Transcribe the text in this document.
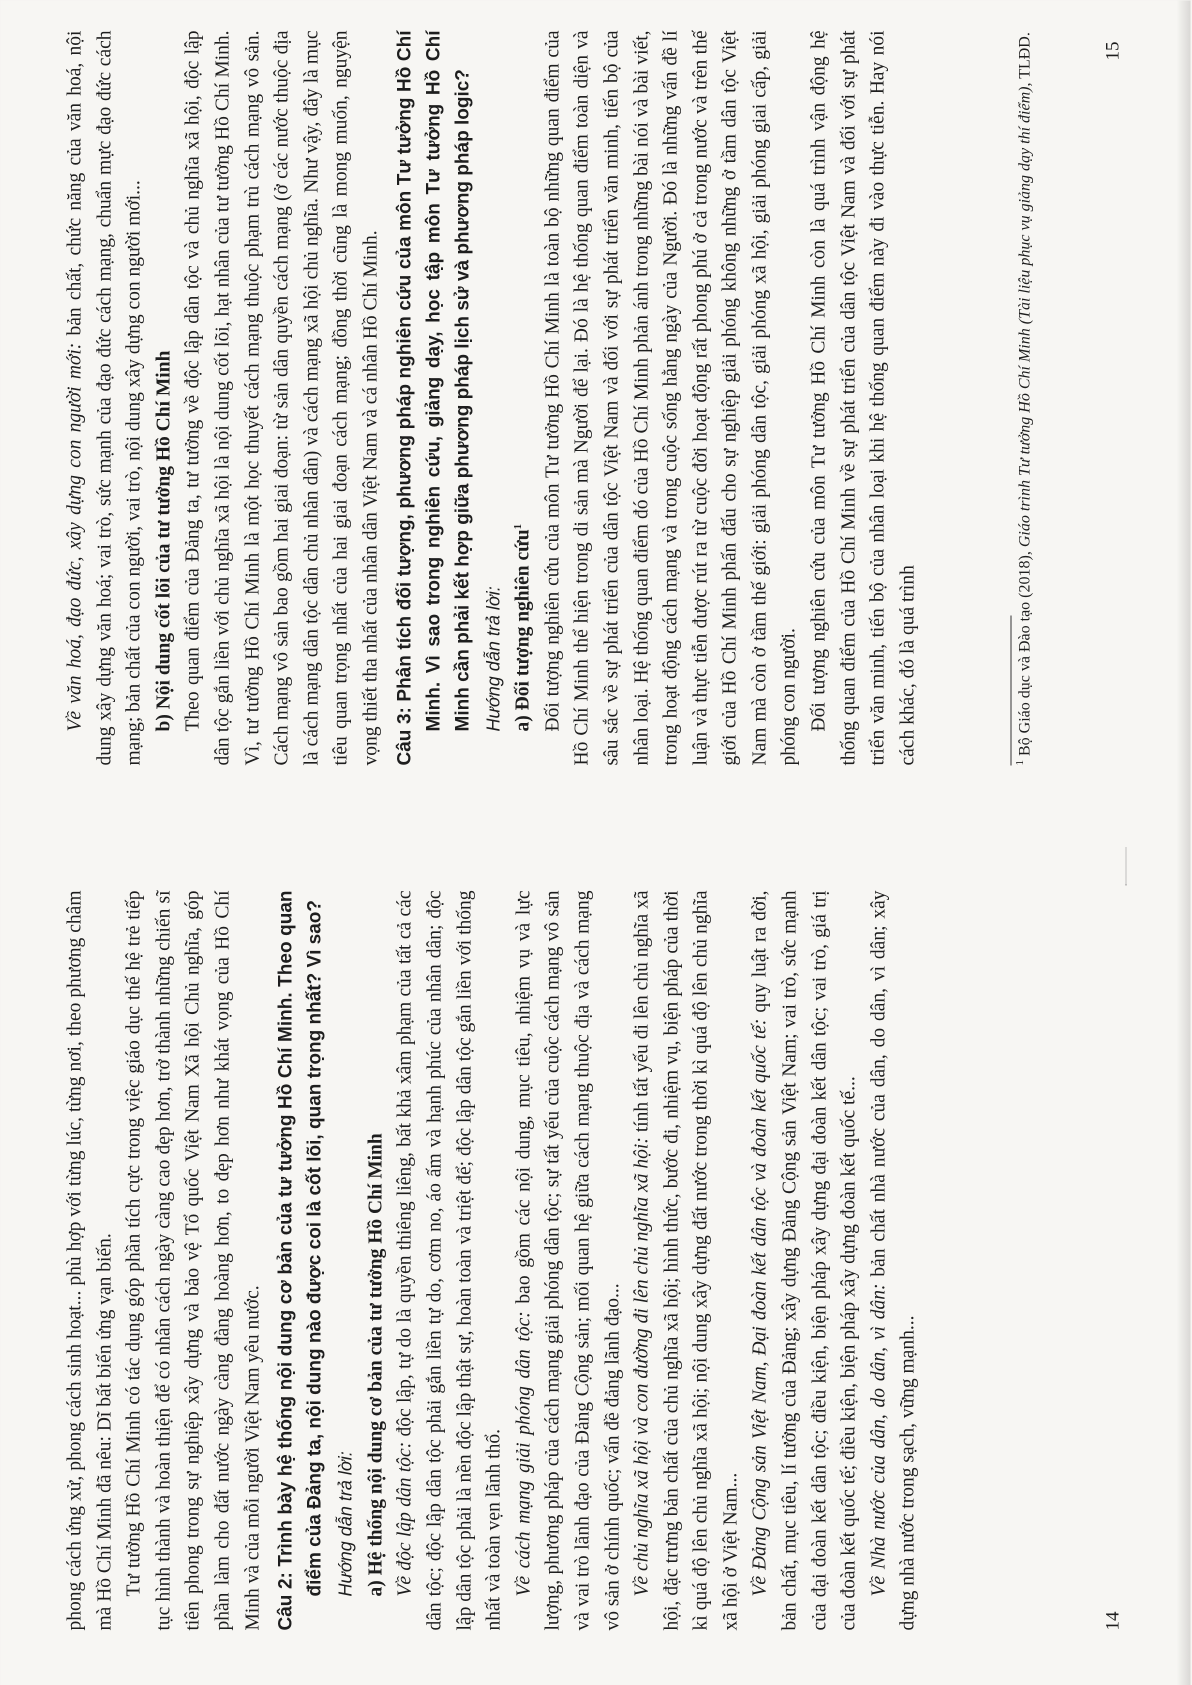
phong cách ứng xử, phong cách sinh hoạt... phù hợp với từng lúc, từng nơi, theo phương châm mà Hồ Chí Minh đã nêu: Dĩ bất biến ứng vạn biến. Tư tưởng Hồ Chí Minh có tác dụng góp phần tích cực trong việc giáo dục thế hệ trẻ tiếp tục hình thành và hoàn thiện để có nhân cách ngày càng cao đẹp hơn, trở thành những chiến sĩ tiên phong trong sự nghiệp xây dựng và bảo vệ Tổ quốc Việt Nam Xã hội Chủ nghĩa, góp phần làm cho đất nước ngày càng đàng hoàng hơn, to đẹp hơn như khát vọng của Hồ Chí Minh và của mỗi người Việt Nam yêu nước. Câu 2: Trình bày hệ thống nội dung cơ bản của tư tưởng Hồ Chí Minh. Theo quan điểm của Đảng ta, nội dung nào được coi là cốt lõi, quan trọng nhất? Vì sao? Hướng dẫn trả lời: a) Hệ thống nội dung cơ bản của tư tưởng Hồ Chí Minh Về độc lập dân tộc: độc lập, tự do là quyền thiêng liêng, bất khả xâm phạm của tất cả các dân tộc; độc lập dân tộc phải gắn liền tự do, cơm no, áo ấm và hạnh phúc của nhân dân; độc lập dân tộc phải là nền độc lập thật sự, hoàn toàn và triệt để; độc lập dân tộc gắn liền với thống nhất và toàn vẹn lãnh thổ. Về cách mạng giải phóng dân tộc: bao gồm các nội dung, mục tiêu, nhiệm vụ và lực lượng, phương pháp của cách mạng giải phóng dân tộc; sự tất yếu của cuộc cách mạng vô sản và vai trò lãnh đạo của Đảng Cộng sản; mối quan hệ giữa cách mạng thuộc địa và cách mạng vô sản ở chính quốc; vấn đề đảng lãnh đạo... Về chủ nghĩa xã hội và con đường đi lên chủ nghĩa xã hội: tính tất yếu đi lên chủ nghĩa xã hội, đặc trưng bản chất của chủ nghĩa xã hội; hình thức, bước đi, nhiệm vụ, biện pháp của thời kì quá độ lên chủ nghĩa xã hội; nội dung xây dựng đất nước trong thời kì quá độ lên chủ nghĩa xã hội ở Việt Nam... Về Đảng Cộng sản Việt Nam, Đại đoàn kết dân tộc và đoàn kết quốc tế: quy luật ra đời, bản chất, mục tiêu, lí tưởng của Đảng; xây dựng Đảng Cộng sản Việt Nam; vai trò, sức mạnh của đại đoàn kết dân tộc; điều kiện, biện pháp xây dựng đại đoàn kết dân tộc; vai trò, giá trị của đoàn kết quốc tế; điều kiện, biện pháp xây dựng đoàn kết quốc tế... Về Nhà nước của dân, do dân, vì dân: bản chất nhà nước của dân, do dân, vì dân; xây dựng nhà nước trong sạch, vững mạnh...	14

Về văn hoá, đạo đức, xây dựng con người mới: bản chất, chức năng của văn hoá, nội dung xây dựng văn hoá; vai trò, sức mạnh của đạo đức cách mạng, chuẩn mực đạo đức cách mạng; bản chất của con người, vai trò, nội dung xây dựng con người mới... b) Nội dung cốt lõi của tư tưởng Hồ Chí Minh Theo quan điểm của Đảng ta, tư tưởng về độc lập dân tộc và chủ nghĩa xã hội, độc lập dân tộc gắn liền với chủ nghĩa xã hội là nội dung cốt lõi, hạt nhân của tư tưởng Hồ Chí Minh. Vì, tư tưởng Hồ Chí Minh là một học thuyết cách mạng thuộc phạm trù cách mạng vô sản. Cách mạng vô sản bao gồm hai giai đoạn: từ sản dân quyền cách mạng (ở các nước thuộc địa là cách mạng dân tộc dân chủ nhân dân) và cách mạng xã hội chủ nghĩa. Như vậy, đây là mục tiêu quan trọng nhất của hai giai đoạn cách mạng; đồng thời cũng là mong muốn, nguyện vọng thiết tha nhất của nhân dân Việt Nam và cá nhân Hồ Chí Minh. Câu 3: Phân tích đối tượng, phương pháp nghiên cứu của môn Tư tưởng Hồ Chí Minh. Vì sao trong nghiên cứu, giảng dạy, học tập môn Tư tưởng Hồ Chí Minh cần phải kết hợp giữa phương pháp lịch sử và phương pháp logic? Hướng dẫn trả lời: a) Đối tượng nghiên cứu$^1$ Đối tượng nghiên cứu của môn Tư tưởng Hồ Chí Minh là toàn bộ những quan điểm của Hồ Chí Minh thể hiện trong di sản mà Người để lại. Đó là hệ thống quan điểm toàn diện và sâu sắc về sự phát triển của dân tộc Việt Nam và đối với sự phát triển văn minh, tiến bộ của nhân loại. Hệ thống quan điểm đó của Hồ Chí Minh phản ánh trong những bài nói và bài viết, trong hoạt động cách mạng và trong cuộc sống hằng ngày của Người. Đó là những vấn đề lí luận và thực tiễn được rút ra từ cuộc đời hoạt động rất phong phú ở cả trong nước và trên thế giới của Hồ Chí Minh phấn đấu cho sự nghiệp giải phóng không những ở tầm dân tộc Việt Nam mà còn ở tầm thế giới: giải phóng dân tộc, giải phóng xã hội, giải phóng giai cấp, giải phóng con người. Đối tượng nghiên cứu của môn Tư tưởng Hồ Chí Minh còn là quá trình vận động hệ thống quan điểm của Hồ Chí Minh về sự phát triển của dân tộc Việt Nam và đối với sự phát triển văn minh, tiến bộ của nhân loại khi hệ thống quan điểm này đi vào thực tiễn. Hay nói cách khác, đó là quá trình	$^1$ Bộ Giáo dục và Đào tạo (2018), Giáo trình Tư tưởng Hồ Chí Minh (Tài liệu phục vụ giảng dạy thí điểm), TLĐD.	15
